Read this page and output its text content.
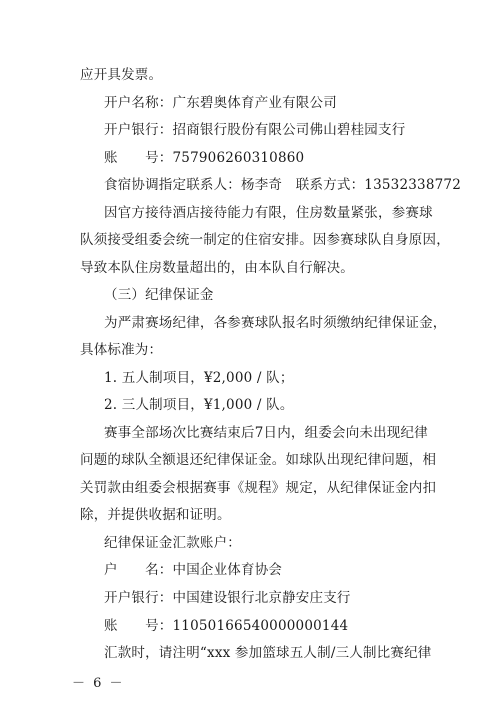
应开具发票。
开户名称：广东碧奥体育产业有限公司
开户银行：招商银行股份有限公司佛山碧桂园支行
账　　号：757906260310860
食宿协调指定联系人：杨李奇　联系方式：13532338772
因官方接待酒店接待能力有限，住房数量紧张，参赛球
队须接受组委会统一制定的住宿安排。因参赛球队自身原因，
导致本队住房数量超出的，由本队自行解决。
（三）纪律保证金
为严肃赛场纪律，各参赛球队报名时须缴纳纪律保证金，
具体标准为：
1. 五人制项目，¥2,000 / 队；
2. 三人制项目，¥1,000 / 队。
赛事全部场次比赛结束后7日内，组委会向未出现纪律
问题的球队全额退还纪律保证金。如球队出现纪律问题，相
关罚款由组委会根据赛事《规程》规定，从纪律保证金内扣
除，并提供收据和证明。
纪律保证金汇款账户：
户　　名：中国企业体育协会
开户银行：中国建设银行北京静安庄支行
账　　号：11050166540000000144
汇款时，请注明“xxx 参加篮球五人制/三人制比赛纪律
－ 6 －
